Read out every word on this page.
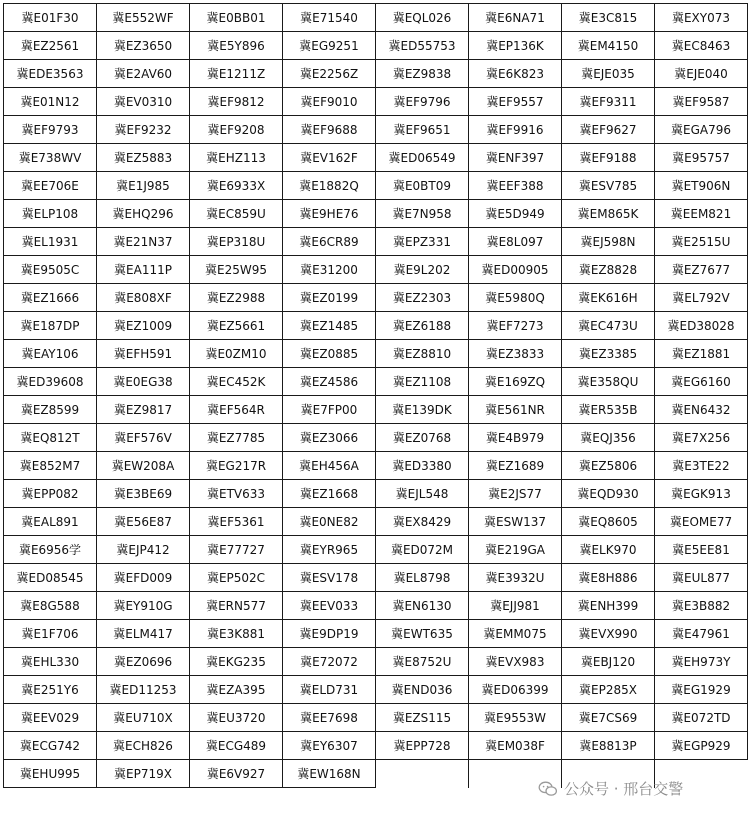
冀E01F30	冀E552WF	冀E0BB01	冀E71540	冀EQL026	冀E6NA71	冀E3C815	冀EXY073
冀EZ2561	冀EZ3650	冀E5Y896	冀EG9251	冀ED55753	冀EP136K	冀EM4150	冀EC8463
冀EDE3563	冀E2AV60	冀E1211Z	冀E2256Z	冀EZ9838	冀E6K823	冀EJE035	冀EJE040
冀E01N12	冀EV0310	冀EF9812	冀EF9010	冀EF9796	冀EF9557	冀EF9311	冀EF9587
冀EF9793	冀EF9232	冀EF9208	冀EF9688	冀EF9651	冀EF9916	冀EF9627	冀EGA796
冀E738WV	冀EZ5883	冀EHZ113	冀EV162F	冀ED06549	冀ENF397	冀EF9188	冀E95757
冀EE706E	冀E1J985	冀E6933X	冀E1882Q	冀E0BT09	冀EEF388	冀ESV785	冀ET906N
冀ELP108	冀EHQ296	冀EC859U	冀E9HE76	冀E7N958	冀E5D949	冀EM865K	冀EEM821
冀EL1931	冀E21N37	冀EP318U	冀E6CR89	冀EPZ331	冀E8L097	冀EJ598N	冀E2515U
冀E9505C	冀EA111P	冀E25W95	冀E31200	冀E9L202	冀ED00905	冀EZ8828	冀EZ7677
冀EZ1666	冀E808XF	冀EZ2988	冀EZ0199	冀EZ2303	冀E5980Q	冀EK616H	冀EL792V
冀E187DP	冀EZ1009	冀EZ5661	冀EZ1485	冀EZ6188	冀EF7273	冀EC473U	冀ED38028
冀EAY106	冀EFH591	冀E0ZM10	冀EZ0885	冀EZ8810	冀EZ3833	冀EZ3385	冀EZ1881
冀ED39608	冀E0EG38	冀EC452K	冀EZ4586	冀EZ1108	冀E169ZQ	冀E358QU	冀EG6160
冀EZ8599	冀EZ9817	冀EF564R	冀E7FP00	冀E139DK	冀E561NR	冀ER535B	冀EN6432
冀EQ812T	冀EF576V	冀EZ7785	冀EZ3066	冀EZ0768	冀E4B979	冀EQJ356	冀E7X256
冀E852M7	冀EW208A	冀EG217R	冀EH456A	冀ED3380	冀EZ1689	冀EZ5806	冀E3TE22
冀EPP082	冀E3BE69	冀ETV633	冀EZ1668	冀EJL548	冀E2JS77	冀EQD930	冀EGK913
冀EAL891	冀E56E87	冀EF5361	冀E0NE82	冀EX8429	冀ESW137	冀EQ8605	冀EOME77
冀E6956学	冀EJP412	冀E77727	冀EYR965	冀ED072M	冀E219GA	冀ELK970	冀E5EE81
冀ED08545	冀EFD009	冀EP502C	冀ESV178	冀EL8798	冀E3932U	冀E8H886	冀EUL877
冀E8G588	冀EY910G	冀ERN577	冀EEV033	冀EN6130	冀EJJ981	冀ENH399	冀E3B882
冀E1F706	冀ELM417	冀E3K881	冀E9DP19	冀EWT635	冀EMM075	冀EVX990	冀E47961
冀EHL330	冀EZ0696	冀EKG235	冀E72072	冀E8752U	冀EVX983	冀EBJ120	冀EH973Y
冀E251Y6	冀ED11253	冀EZA395	冀ELD731	冀END036	冀ED06399	冀EP285X	冀EG1929
冀EEV029	冀EU710X	冀EU3720	冀EE7698	冀EZS115	冀E9553W	冀E7CS69	冀E072TD
冀ECG742	冀ECH826	冀ECG489	冀EY6307	冀EPP728	冀EM038F	冀E8813P	冀EGP929
冀EHU995	冀EP719X	冀E6V927	冀EW168N				
公众号 · 邢台交警
